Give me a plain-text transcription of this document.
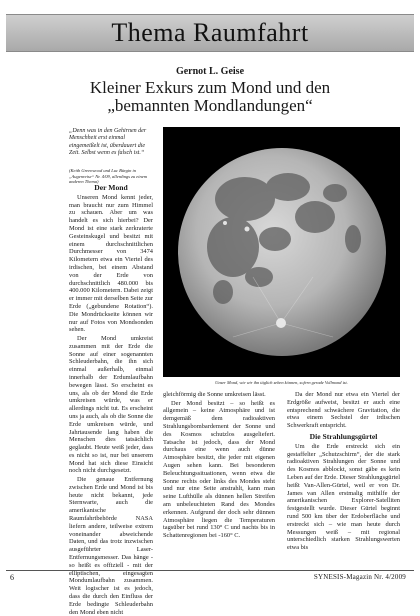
Thema Raumfahrt
Gernot L. Geise
Kleiner Exkurs zum Mond und den
„bemannten Mondlandungen“
„Denn was in den Gehirnen der Menschheit erst einmal eingemeißelt ist, überdauert die Zeit. Selbst wenn es falsch ist.“
(Keith Greenwood und Luc Bürgin in „Augenreise“ Nr. 4/09, allerdings zu einem anderen Thema)
Der Mond

Unseren Mond kennt jeder, man braucht nur zum Himmel zu schauen. Aber um was handelt es sich hierbei? Der Mond ist eine stark zerkraterte Gesteinskugel und besitzt mit einem durchschnittlichen Durchmesser von 3474 Kilometern etwa ein Viertel des irdischen, bei einem Abstand von der Erde von durchschnittlich 480.000 bis 400.000 Kilometern. Dabei zeigt er immer mit derselben Seite zur Erde („gebundene Rotation“). Die Mondrückseite können wir nur auf Fotos von Mondsonden sehen.

Der Mond umkreist zusammen mit der Erde die Sonne auf einer sogenannten Schleuderbahn, die ihn sich einmal außerhalb, einmal innerhalb der Erdumlaufbahn bewegen lässt. So erscheint es uns, als ob der Mond die Erde umkreisen würde, was er allerdings nicht tut. Es erscheint uns ja auch, als ob die Sonne die Erde umkreisen würde, und Jahrtausende lang haben die Menschen dies tatsächlich geglaubt. Heute weiß jeder, dass es nicht so ist, nur bei unserem Mond hat sich diese Einsicht noch nicht durchgesetzt.

Die genaue Entfernung zwischen Erde und Mond ist bis heute nicht bekannt, jede Sternwarte, auch die amerikanische Raumfahrtbehörde NASA liefern andere, teilweise extrem voneinander abweichende Daten, und das trotz inzwischen ausgeführter Laser-Entfernungsmesser. Das hänge - so heißt es offiziell - mit der elliptischen, eingesagten Mondumlaufbahn zusammen. Weit logischer ist es jedoch, dass die durch den Einfluss der Erde bedingte Schleuderbahn den Mond eben nicht

Unser Mond, wie wir ihn täglich sehen können, sofern gerade Vollmond ist.

gleichförmig die Sonne umkreisen lässt.

Der Mond besitzt – so heißt es allgemein – keine Atmosphäre und ist demgemäß dem radioaktiven Strahlungsbombardement der Sonne und des Kosmos schutzlos ausgeliefert. Tatsache ist jedoch, dass der Mond durchaus eine wenn auch dünne Atmosphäre besitzt, die jeder mit eigenen Augen sehen kann. Bei besonderen Beleuchtungssituationen, wenn etwa die Sonne rechts oder links des Mondes steht und nur eine Seite anstrahlt, kann man seine Lufthülle als dünnen hellen Streifen am unbeleuchteten Rand des Mondes erkennen. Aufgrund der doch sehr dünnen Atmosphäre liegen die Temperaturen tagsüber bei rund 130° C und nachts bis in Schattenregionen bei -160° C.

Da der Mond nur etwa ein Viertel der Erdgröße aufweist, besitzt er auch eine entsprechend schwächere Gravitation, die etwa einem Sechstel der irdischen Schwerkraft entspricht.

Die Strahlungsgürtel

Um die Erde erstreckt sich ein gestaffelter „Schutzschirm“, der die stark radioaktiven Strahlungen der Sonne und des Kosmos abblockt, sonst gäbe es kein Leben auf der Erde. Dieser Strahlungsgürtel heißt Van-Allen-Gürtel, weil er von Dr. James van Allen erstmalig mithilfe der amerikanischen Explorer-Satelliten festgestellt wurde. Dieser Gürtel beginnt rund 500 km über der Erdoberfläche und erstreckt sich – wie man heute durch Messungen weiß – mit regional unterschiedlich starken Strahlungswerten etwa bis

6	SYNESIS-Magazin Nr. 4/2009
